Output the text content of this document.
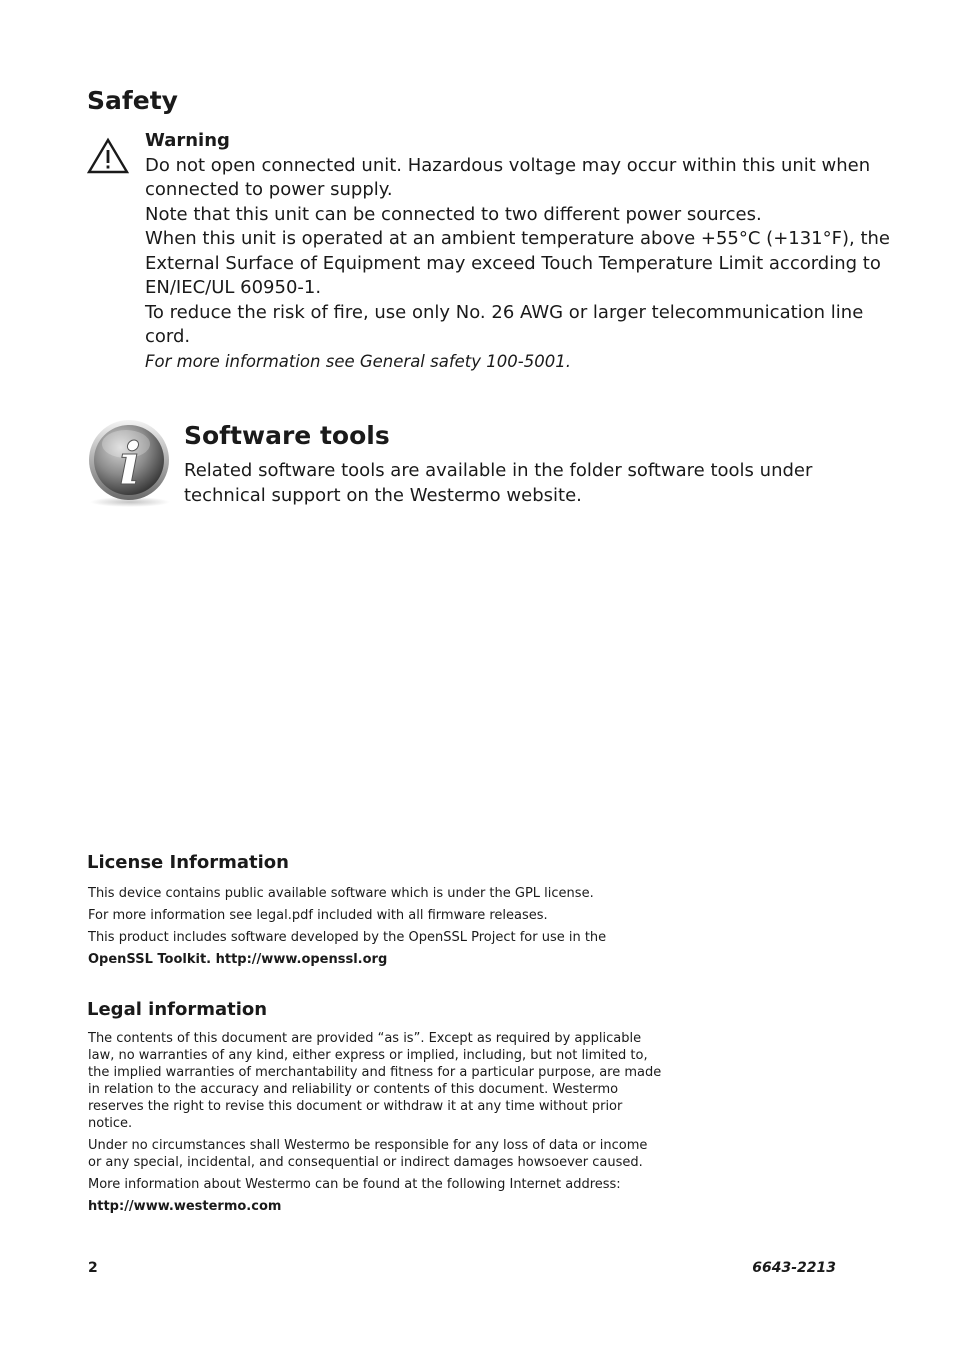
Safety
Warning
Do not open connected unit. Hazardous voltage may occur within this unit when
connected to power supply.
Note that this unit can be connected to two different power sources.
When this unit is operated at an ambient temperature above +55°C (+131°F), the
External Surface of Equipment may exceed Touch Temperature Limit according to
EN/IEC/UL 60950-1.
To reduce the risk of fire, use only No. 26 AWG or larger telecommunication line
cord.
For more information see General safety 100-5001.
i Software tools
Related software tools are available in the folder software tools under
technical support on the Westermo website.
License Information
This device contains public available software which is under the GPL license.
For more information see legal.pdf included with all firmware releases.
This product includes software developed by the OpenSSL Project for use in the
OpenSSL Toolkit. http://www.openssl.org
Legal information
The contents of this document are provided “as is”. Except as required by applicable
law, no warranties of any kind, either express or implied, including, but not limited to,
the implied warranties of merchantability and fitness for a particular purpose, are made
in relation to the accuracy and reliability or contents of this document. Westermo
reserves the right to revise this document or withdraw it at any time without prior
notice.
Under no circumstances shall Westermo be responsible for any loss of data or income
or any special, incidental, and consequential or indirect damages howsoever caused.
More information about Westermo can be found at the following Internet address:
http://www.westermo.com
2	6643-2213
